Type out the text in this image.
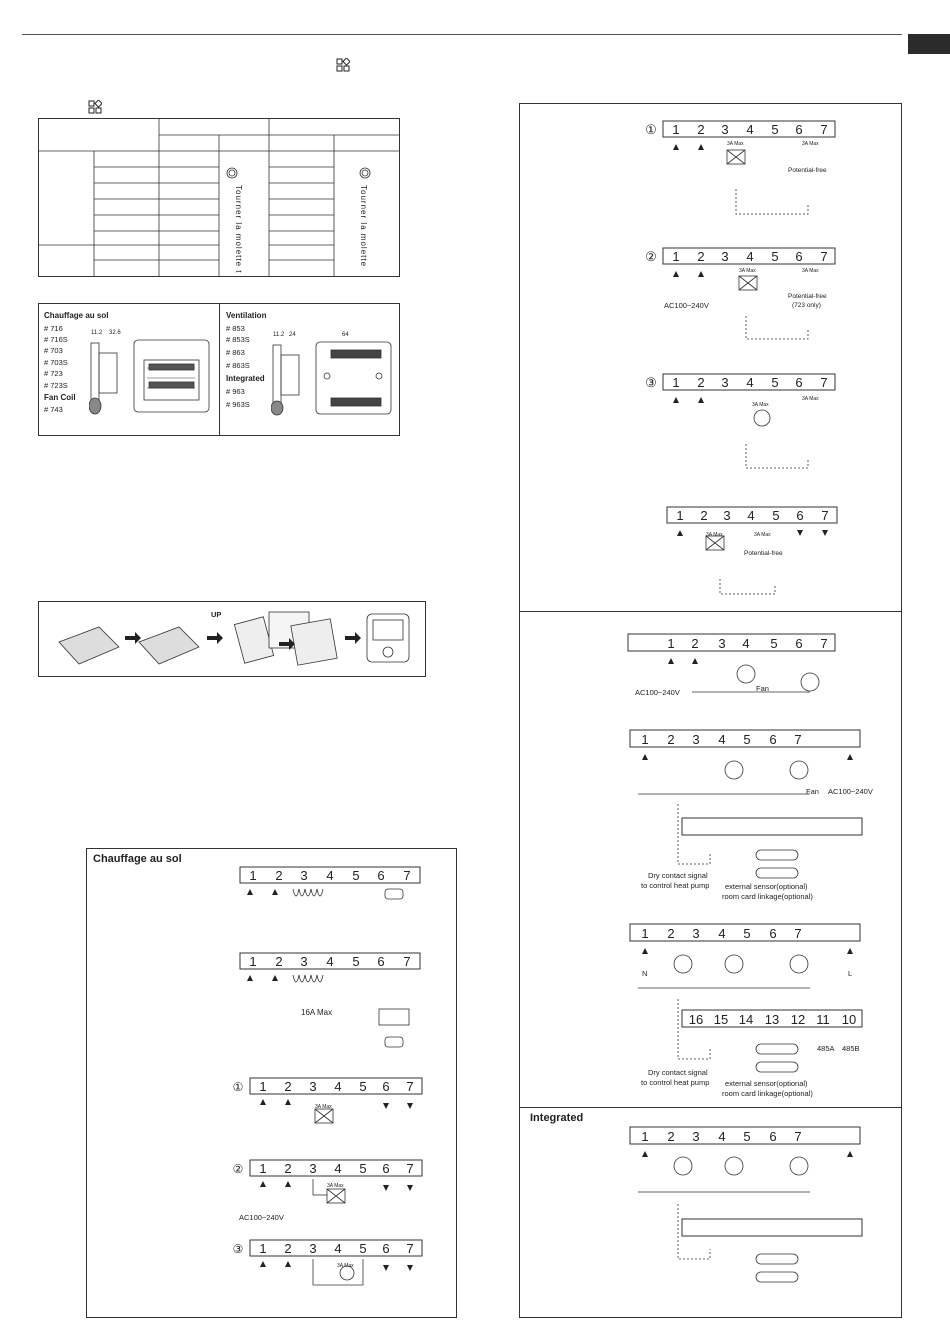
Tourner la molette t	Tourner la molette
Chauffage au sol
# 716
# 716S
# 703
# 703S
# 723
# 723S
Fan Coil
# 743
11.2 32.6
Ventilation
# 853
# 853S
# 863
# 863S
Integrated
# 963
# 963S
11.2 24	64
UP
Chauffage au sol
1 2 3 4 5 6 7
1 2 3 4 5 6 7
1 2 3 4 5 6 7
1 2 3 4 5 6 7
1 2 3 4 5 6 7
①
②
③
16A Max
3A Max
3A Max
AC100~240V
3A Max
Integrated
① 1 2 3 4 5 6 7
② 1 2 3 4 5 6 7
③ 1 2 3 4 5 6 7
1 2 3 4 5 6 7
1 2 3 4 5 6 7
1 2 3 4 5 6 7
1 2 3 4 5 6 7
16 15 14 13 12 11 10
1 2 3 4 5 6 7
3A Max	3A Max
Potential-free
3A Max	3A Max
AC100~240V
Potential-free
(723 only)
3A Max
3A Max
3A Max	3A Max
Potential-free
Fan
AC100~240V
Fan AC100~240V
Dry contact signal
to control heat pump external sensor(optional)
room card linkage(optional)
N	L
485A 485B
Dry contact signal
to control heat pump external sensor(optional)
room card linkage(optional)
